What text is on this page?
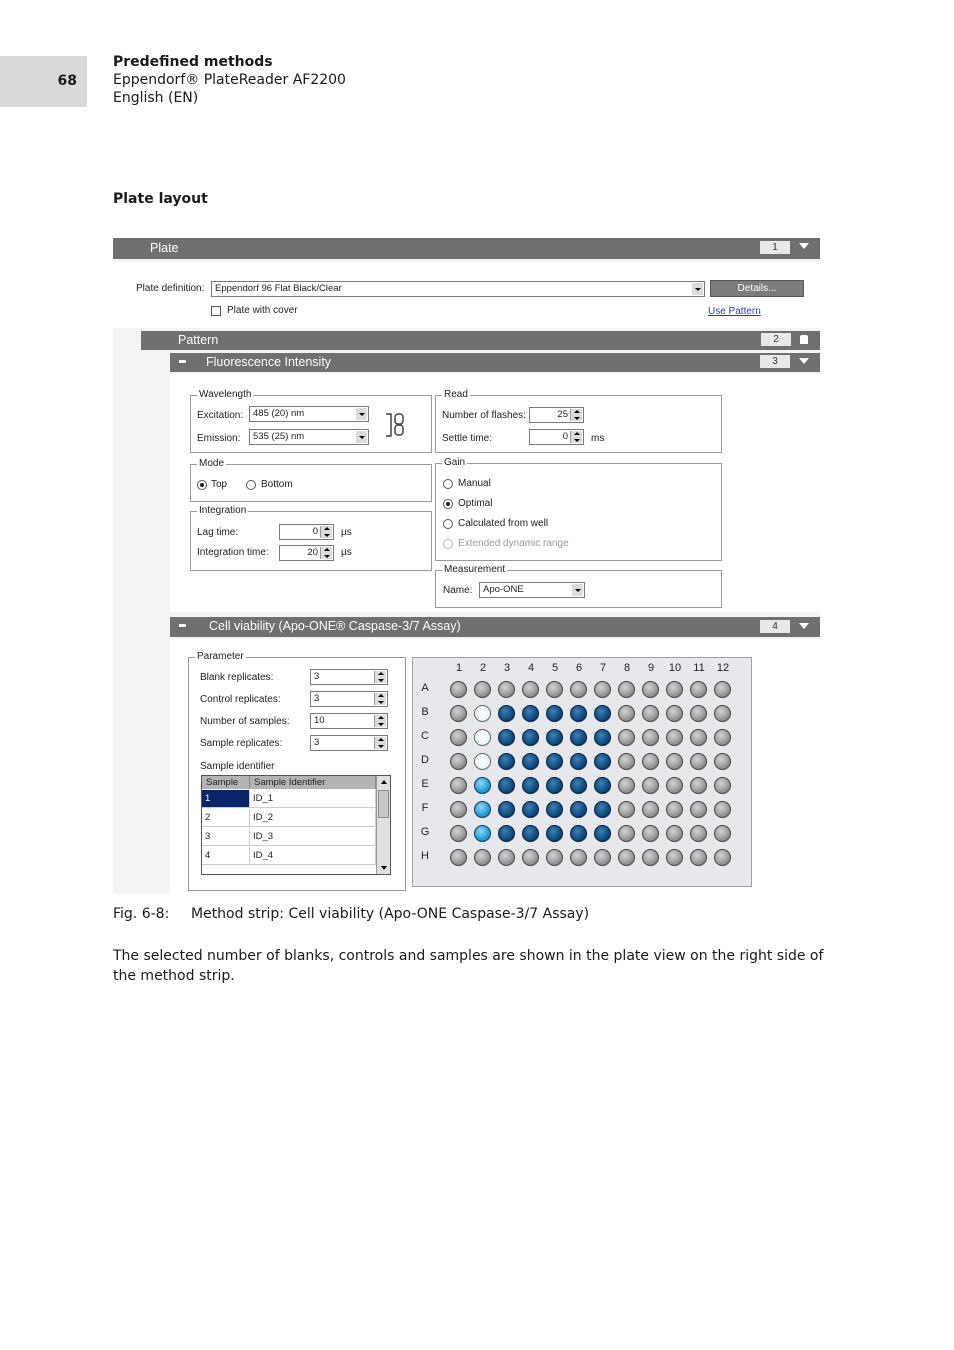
68
Predefined methods
Eppendorf® PlateReader AF2200
English (EN)
Plate layout
Plate	1
Plate definition: Eppendorf 96 Flat Black/Clear	Details...
Plate with cover	Use Pattern
Pattern	2
Fluorescence Intensity	3
Wavelength
Excitation: 485 (20) nm
Emission: 535 (25) nm
Read
Number of flashes:	25
Settle time:	0 ms
Mode
Top	Bottom
Gain
Manual
Optimal
Calculated from well
Extended dynamic range
Integration
Lag time:	0 µs
Integration time:	20 µs
Measurement
Name: Apo-ONE
Cell viability (Apo-ONE® Caspase-3/7 Assay)	4
Parameter
Blank replicates:	3
Control replicates:	3
Number of samples:	10
Sample replicates:	3
Sample identifier
Sample	Sample Identifier
1	ID_1
2	ID_2
3	ID_3
4	ID_4
1	2	3	4	5	6	7	8	9	10	11	12
A
B
C
D
E
F
G
H
Fig. 6-8: Method strip: Cell viability (Apo-ONE Caspase-3/7 Assay)
The selected number of blanks, controls and samples are shown in the plate view on the right side of the method strip.
